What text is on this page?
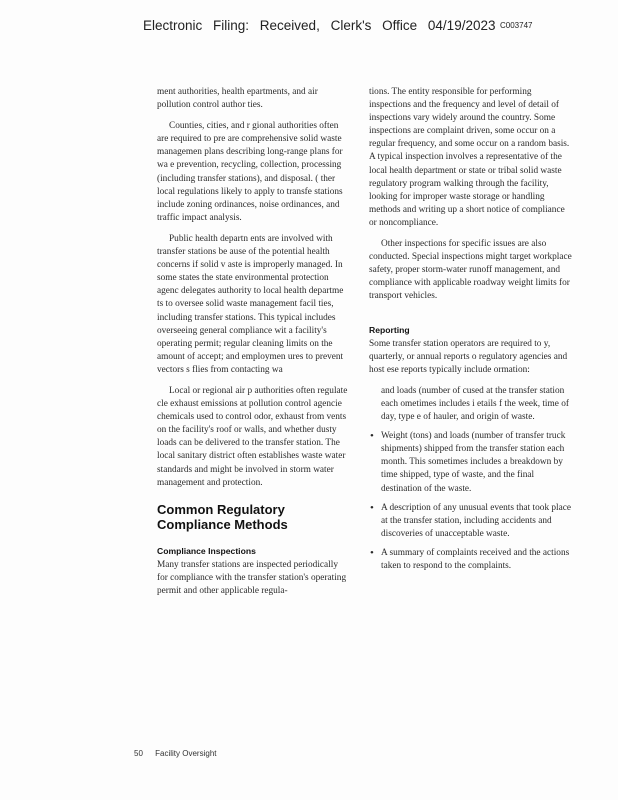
Electronic Filing: Received, Clerk's Office 04/19/2023 C003747

ment authorities, health epartments, and air pollution control author ties.

Counties, cities, and r gional authorities often are required to pre are comprehensive solid waste managemen plans describing long-range plans for wa e prevention, recycling, collection, processing (including transfer stations), and disposal. ( ther local regulations likely to apply to transfe stations include zoning ordinances, noise ordinances, and traffic impact analysis.

Public health departn ents are involved with transfer stations be ause of the potential health concerns if solid v aste is improperly managed. In some states the state environmental protection agenc delegates authority to local health departme ts to oversee solid waste management facil ties, including transfer stations. This typical includes overseeing general compliance wit a facility's operating permit; regular cleaning limits on the amount of accept; and employmen ures to prevent vectors s flies from contacting wa

Local or regional air p authorities often regulate cle exhaust emissions at pollution control agencie chemicals used to control odor, exhaust from vents on the facility's roof or walls, and whether dusty loads can be delivered to the transfer station. The local sanitary district often establishes waste water standards and might be involved in storm water management and protection.

Common Regulatory Compliance Methods
Compliance Inspections

Many transfer stations are inspected periodically for compliance with the transfer station's operating permit and other applicable regula-

tions. The entity responsible for performing inspections and the frequency and level of detail of inspections vary widely around the country. Some inspections are complaint driven, some occur on a regular frequency, and some occur on a random basis. A typical inspection involves a representative of the local health department or state or tribal solid waste regulatory program walking through the facility, looking for improper waste storage or handling methods and writing up a short notice of compliance or noncompliance.

Other inspections for specific issues are also conducted. Special inspections might target workplace safety, proper storm-water runoff management, and compliance with applicable roadway weight limits for transport vehicles.

Reporting

Some transfer station operators are required to y, quarterly, or annual reports o regulatory agencies and host ese reports typically include ormation:

and loads (number of cused at the transfer station each ometimes includes i etails f the week, time of day, type e of hauler, and origin of waste.
• Weight (tons) and loads (number of transfer truck shipments) shipped from the transfer station each month. This sometimes includes a breakdown by time shipped, type of waste, and the final destination of the waste.
• A description of any unusual events that took place at the transfer station, including accidents and discoveries of unacceptable waste.
• A summary of complaints received and the actions taken to respond to the complaints.
50 Facility Oversight
